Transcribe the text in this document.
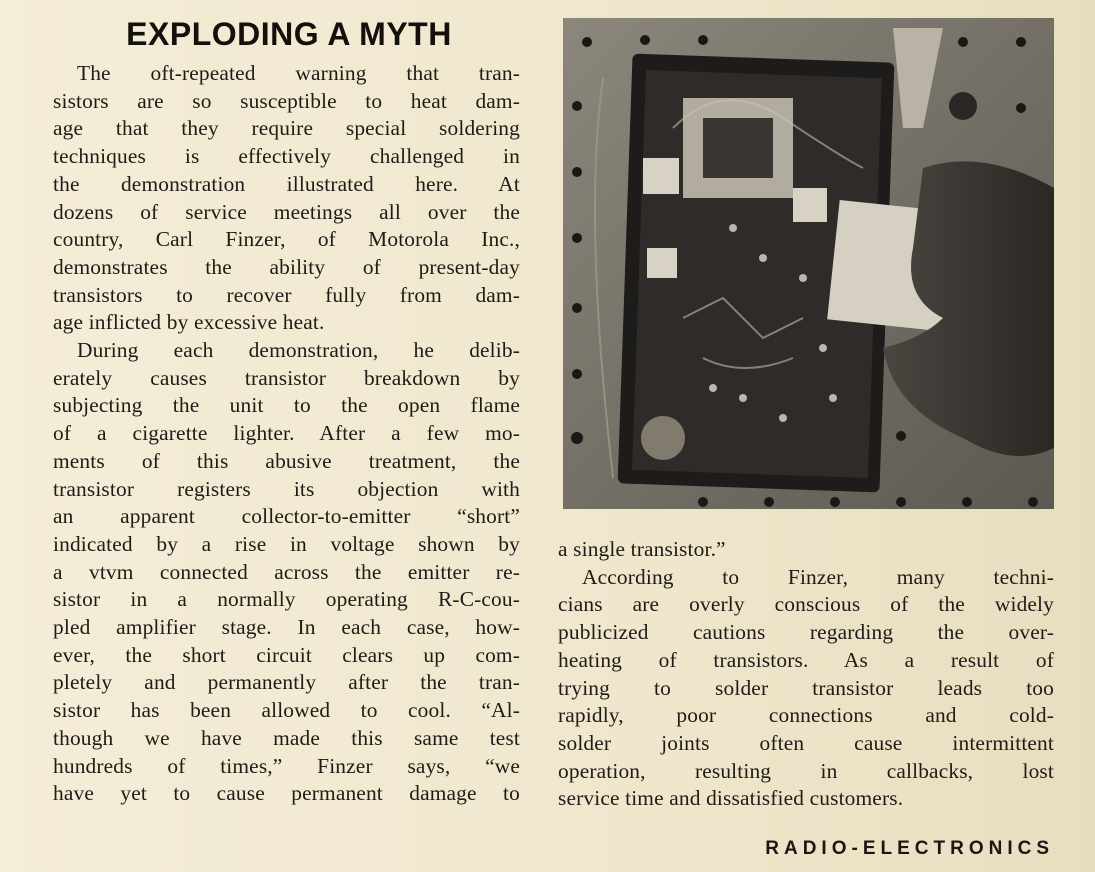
EXPLODING A MYTH
The oft-repeated warning that tran-
sistors are so susceptible to heat dam-
age that they require special soldering
techniques is effectively challenged in
the demonstration illustrated here. At
dozens of service meetings all over the
country, Carl Finzer, of Motorola Inc.,
demonstrates the ability of present-day
transistors to recover fully from dam-
age inflicted by excessive heat.
During each demonstration, he delib-
erately causes transistor breakdown by
subjecting the unit to the open flame
of a cigarette lighter. After a few mo-
ments of this abusive treatment, the
transistor registers its objection with
an apparent collector-to-emitter “short”
indicated by a rise in voltage shown by
a vtvm connected across the emitter re-
sistor in a normally operating R-C-cou-
pled amplifier stage. In each case, how-
ever, the short circuit clears up com-
pletely and permanently after the tran-
sistor has been allowed to cool. “Al-
though we have made this same test
hundreds of times,” Finzer says, “we
have yet to cause permanent damage to
a single transistor.”
According to Finzer, many techni-
cians are overly conscious of the widely
publicized cautions regarding the over-
heating of transistors. As a result of
trying to solder transistor leads too
rapidly, poor connections and cold-
solder joints often cause intermittent
operation, resulting in callbacks, lost
service time and dissatisfied customers.
RADIO-ELECTRONICS
